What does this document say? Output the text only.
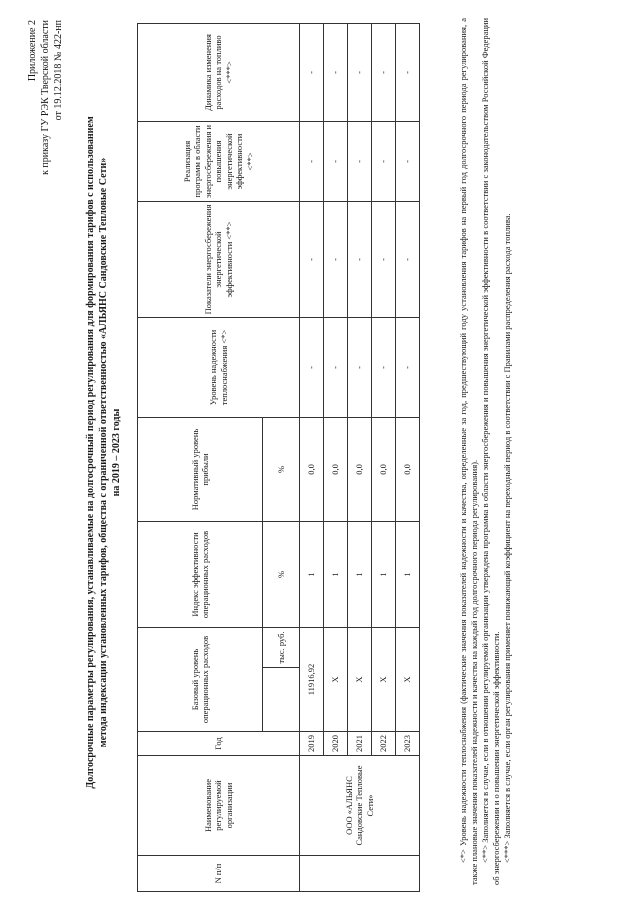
Приложение 2 к приказу ГУ РЭК Тверской области от 19.12.2018 № 422-нп
Долгосрочные параметры регулирования, устанавливаемые на долгосрочный период регулирования для формирования тарифов с использованием метода индексации установленных тарифов, общества с ограниченной ответственностью «АЛЬЯНС Сандовские Тепловые Сети» на 2019 – 2023 годы
N п/п	Наименование регулируемой организации	Год	Базовый уровень операционных расходов		Индекс эффективности операционных расходов	Нормативный уровень прибыли	Уровень надежности теплоснабжения <*>	Показатели энергосбережения энергетической эффективности <**>	Реализация программ в области энергосбережения и повышения энергетической эффективности <**>	Динамика изменения расходов на топливо <***>
				тыс. руб.	%	%				
	ООО «АЛЬЯНС Сандовские Тепловые Сети»	2019	11916,92		1	0,0	-	-	-	-
		2020	Х		1	0,0	-	-	-	-
		2021	Х		1	0,0	-	-	-	-
		2022	Х		1	0,0	-	-	-	-
		2023	Х		1	0,0	-	-	-	-	<*> Уровень надежности теплоснабжения (фактические значения показателей надежности и качества, определенные за год, предшествующий году установления тарифов на первый год долгосрочного периода регулирования, а также плановые значения показателей надежности и качества на каждый год долгосрочного периода регулирования). <**> Заполняется в случае, если в отношении регулируемой организации утверждена программа в области энергосбережения и повышения энергетической эффективности в соответствии с законодательством Российской Федерации об энергосбережении и о повышении энергетической эффективности. <***> Заполняется в случае, если орган регулирования применяет понижающий коэффициент на переходный период в соответствии с Правилами распределения расхода топлива.
